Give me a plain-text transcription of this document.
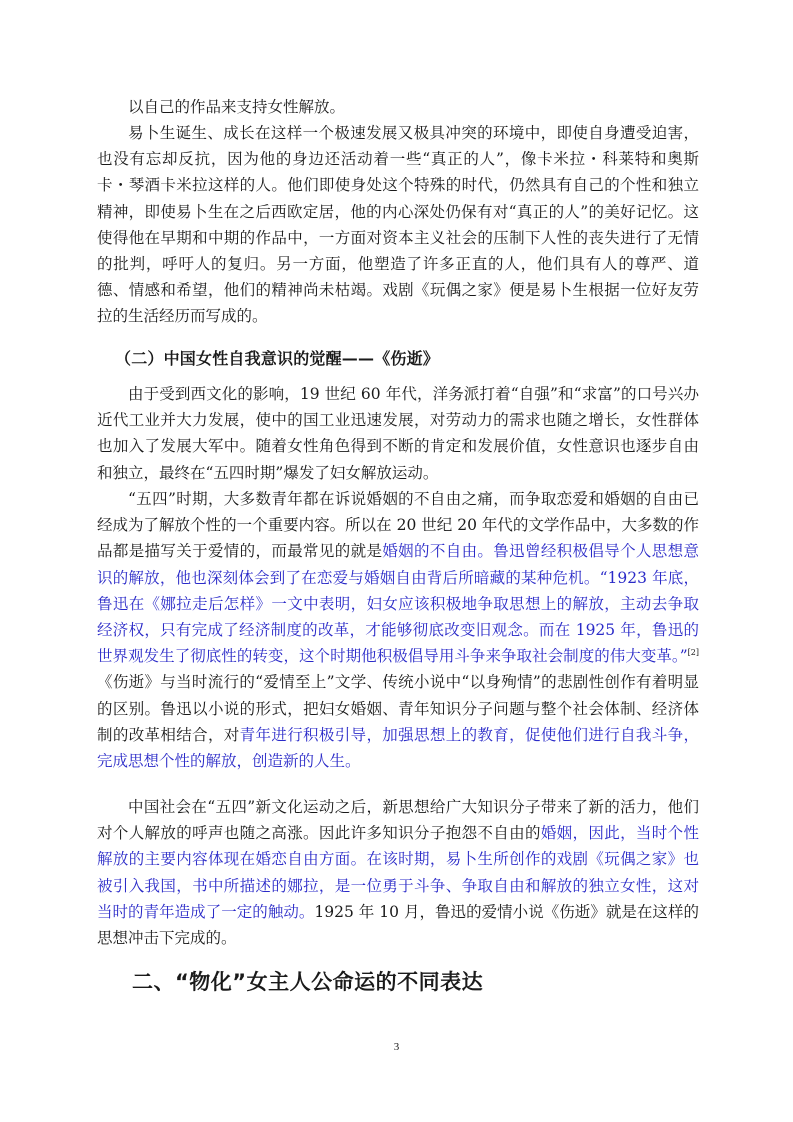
以自己的作品来支持女性解放。
易卜生诞生、成长在这样一个极速发展又极具冲突的环境中，即使自身遭受迫害，也没有忘却反抗，因为他的身边还活动着一些“真正的人”，像卡米拉・科莱特和奥斯卡・琴酒卡米拉这样的人。他们即使身处这个特殊的时代，仍然具有自己的个性和独立精神，即使易卜生在之后西欧定居，他的内心深处仍保有对“真正的人”的美好记忆。这使得他在早期和中期的作品中，一方面对资本主义社会的压制下人性的丧失进行了无情的批判，呼吁人的复归。另一方面，他塑造了许多正直的人，他们具有人的尊严、道德、情感和希望，他们的精神尚未枯竭。戏剧《玩偶之家》便是易卜生根据一位好友劳拉的生活经历而写成的。
（二）中国女性自我意识的觉醒——《伤逝》
由于受到西文化的影响，19 世纪 60 年代，洋务派打着“自强”和“求富”的口号兴办近代工业并大力发展，使中的国工业迅速发展，对劳动力的需求也随之增长，女性群体也加入了发展大军中。随着女性角色得到不断的肯定和发展价值，女性意识也逐步自由和独立，最终在“五四时期”爆发了妇女解放运动。
“五四”时期，大多数青年都在诉说婚姻的不自由之痛，而争取恋爱和婚姻的自由已经成为了解放个性的一个重要内容。所以在 20 世纪 20 年代的文学作品中，大多数的作品都是描写关于爱情的，而最常见的就是婚姻的不自由。鲁迅曾经积极倡导个人思想意识的解放，他也深刻体会到了在恋爱与婚姻自由背后所暗藏的某种危机。“1923 年底，鲁迅在《娜拉走后怎样》一文中表明，妇女应该积极地争取思想上的解放，主动去争取经济权，只有完成了经济制度的改革，才能够彻底改变旧观念。而在 1925 年，鲁迅的世界观发生了彻底性的转变，这个时期他积极倡导用斗争来争取社会制度的伟大变革。”[2]《伤逝》与当时流行的“爱情至上”文学、传统小说中“以身殉情”的悲剧性创作有着明显的区别。鲁迅以小说的形式，把妇女婚姻、青年知识分子问题与整个社会体制、经济体制的改革相结合，对青年进行积极引导，加强思想上的教育，促使他们进行自我斗争，完成思想个性的解放，创造新的人生。
中国社会在“五四”新文化运动之后，新思想给广大知识分子带来了新的活力，他们对个人解放的呼声也随之高涨。因此许多知识分子抱怨不自由的婚姻，因此，当时个性解放的主要内容体现在婚恋自由方面。在该时期，易卜生所创作的戏剧《玩偶之家》也被引入我国，书中所描述的娜拉，是一位勇于斗争、争取自由和解放的独立女性，这对当时的青年造成了一定的触动。1925 年 10 月，鲁迅的爱情小说《伤逝》就是在这样的思想冲击下完成的。
二、“物化”女主人公命运的不同表达
3
